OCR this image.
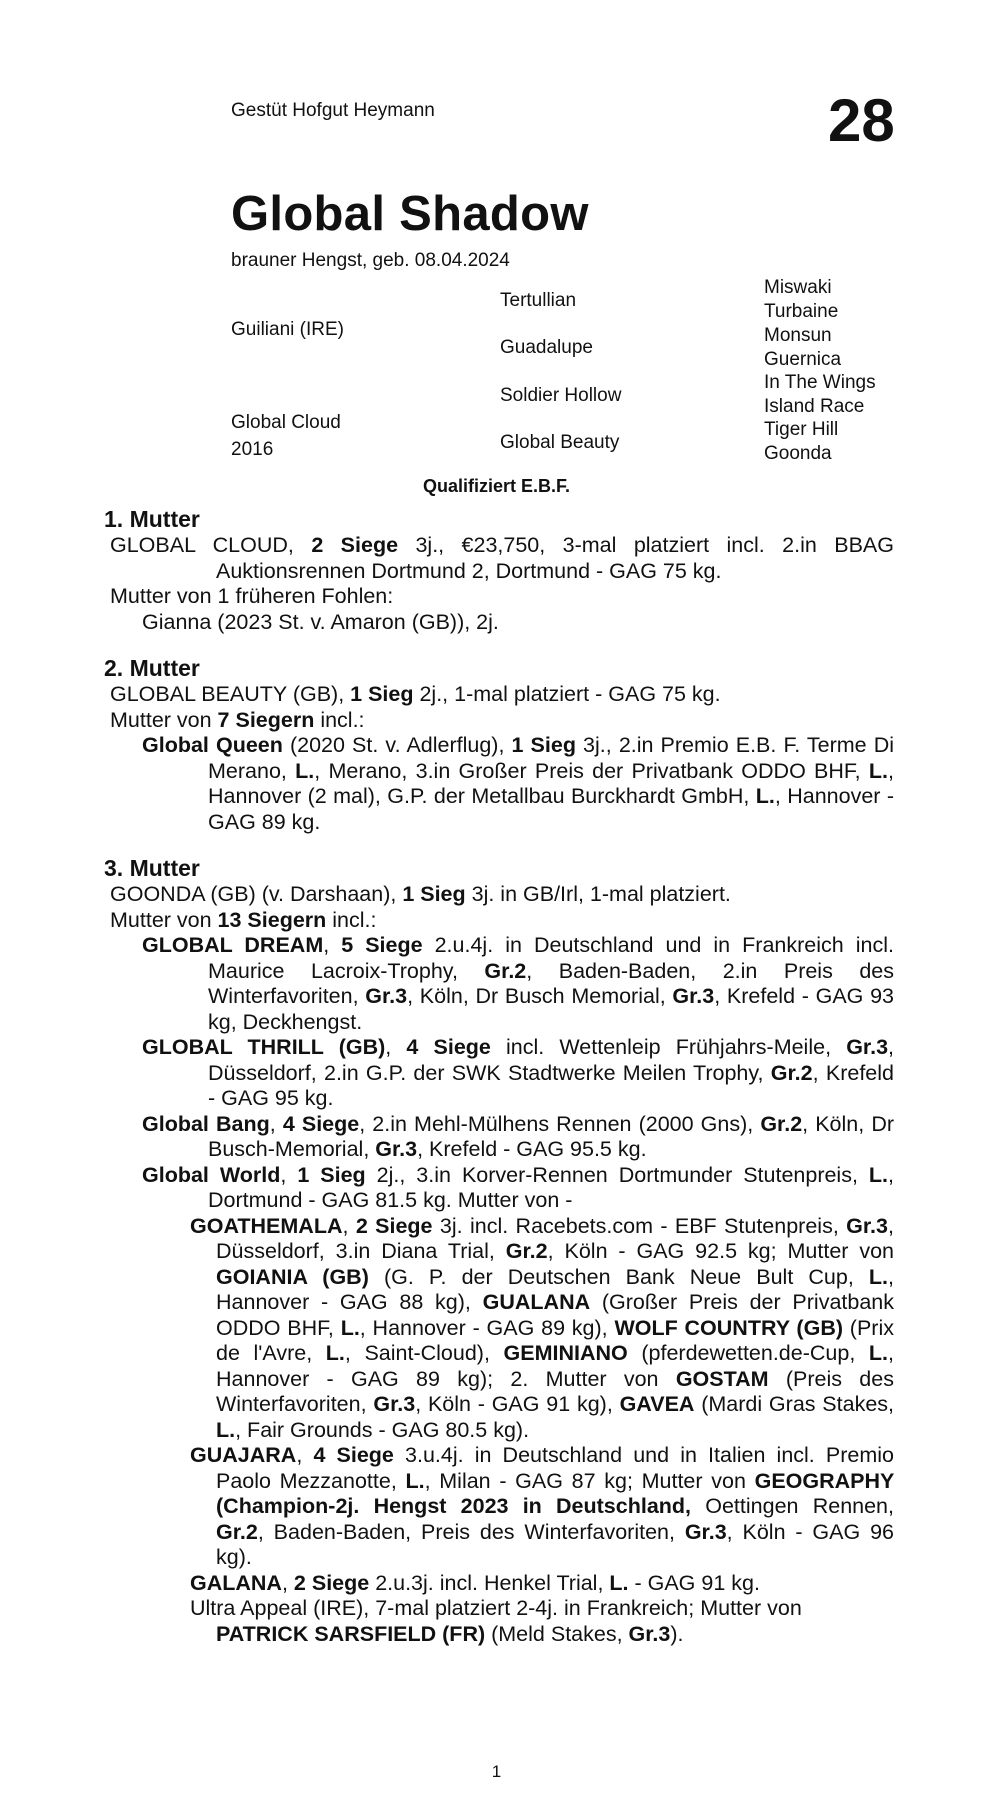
Gestüt Hofgut Heymann	28
Global Shadow
brauner Hengst, geb. 08.04.2024
Guiliani (IRE)
Global Cloud
2016
Tertullian
Guadalupe
Soldier Hollow
Global Beauty
Miswaki
Turbaine
Monsun
Guernica
In The Wings
Island Race
Tiger Hill
Goonda
Qualifiziert E.B.F.
1. Mutter
GLOBAL CLOUD, 2 Siege 3j., €23,750, 3-mal platziert incl. 2.in BBAG Auktionsrennen Dortmund 2, Dortmund - GAG 75 kg.
Mutter von 1 früheren Fohlen:
Gianna (2023 St. v. Amaron (GB)), 2j.
2. Mutter
GLOBAL BEAUTY (GB), 1 Sieg 2j., 1-mal platziert - GAG 75 kg.
Mutter von 7 Siegern incl.:
Global Queen (2020 St. v. Adlerflug), 1 Sieg 3j., 2.in Premio E.B. F. Terme Di Merano, L., Merano, 3.in Großer Preis der Privatbank ODDO BHF, L., Hannover (2 mal), G.P. der Metallbau Burckhardt GmbH, L., Hannover - GAG 89 kg.
3. Mutter
GOONDA (GB) (v. Darshaan), 1 Sieg 3j. in GB/Irl, 1-mal platziert.
Mutter von 13 Siegern incl.:
GLOBAL DREAM, 5 Siege 2.u.4j. in Deutschland und in Frankreich incl. Maurice Lacroix-Trophy, Gr.2, Baden-Baden, 2.in Preis des Winterfavoriten, Gr.3, Köln, Dr Busch Memorial, Gr.3, Krefeld - GAG 93 kg, Deckhengst.
GLOBAL THRILL (GB), 4 Siege incl. Wettenleip Frühjahrs-Meile, Gr.3, Düsseldorf, 2.in G.P. der SWK Stadtwerke Meilen Trophy, Gr.2, Krefeld - GAG 95 kg.
Global Bang, 4 Siege, 2.in Mehl-Mülhens Rennen (2000 Gns), Gr.2, Köln, Dr Busch-Memorial, Gr.3, Krefeld - GAG 95.5 kg.
Global World, 1 Sieg 2j., 3.in Korver-Rennen Dortmunder Stutenpreis, L., Dortmund - GAG 81.5 kg. Mutter von -
GOATHEMALA, 2 Siege 3j. incl. Racebets.com - EBF Stutenpreis, Gr.3, Düsseldorf, 3.in Diana Trial, Gr.2, Köln - GAG 92.5 kg; Mutter von GOIANIA (GB) (G. P. der Deutschen Bank Neue Bult Cup, L., Hannover - GAG 88 kg), GUALANA (Großer Preis der Privatbank ODDO BHF, L., Hannover - GAG 89 kg), WOLF COUNTRY (GB) (Prix de l'Avre, L., Saint-Cloud), GEMINIANO (pferdewetten.de-Cup, L., Hannover - GAG 89 kg); 2. Mutter von GOSTAM (Preis des Winterfavoriten, Gr.3, Köln - GAG 91 kg), GAVEA (Mardi Gras Stakes, L., Fair Grounds - GAG 80.5 kg).
GUAJARA, 4 Siege 3.u.4j. in Deutschland und in Italien incl. Premio Paolo Mezzanotte, L., Milan - GAG 87 kg; Mutter von GEOGRAPHY (Champion-2j. Hengst 2023 in Deutschland, Oettingen Rennen, Gr.2, Baden-Baden, Preis des Winterfavoriten, Gr.3, Köln - GAG 96 kg).
GALANA, 2 Siege 2.u.3j. incl. Henkel Trial, L. - GAG 91 kg.
Ultra Appeal (IRE), 7-mal platziert 2-4j. in Frankreich; Mutter von PATRICK SARSFIELD (FR) (Meld Stakes, Gr.3).
1
